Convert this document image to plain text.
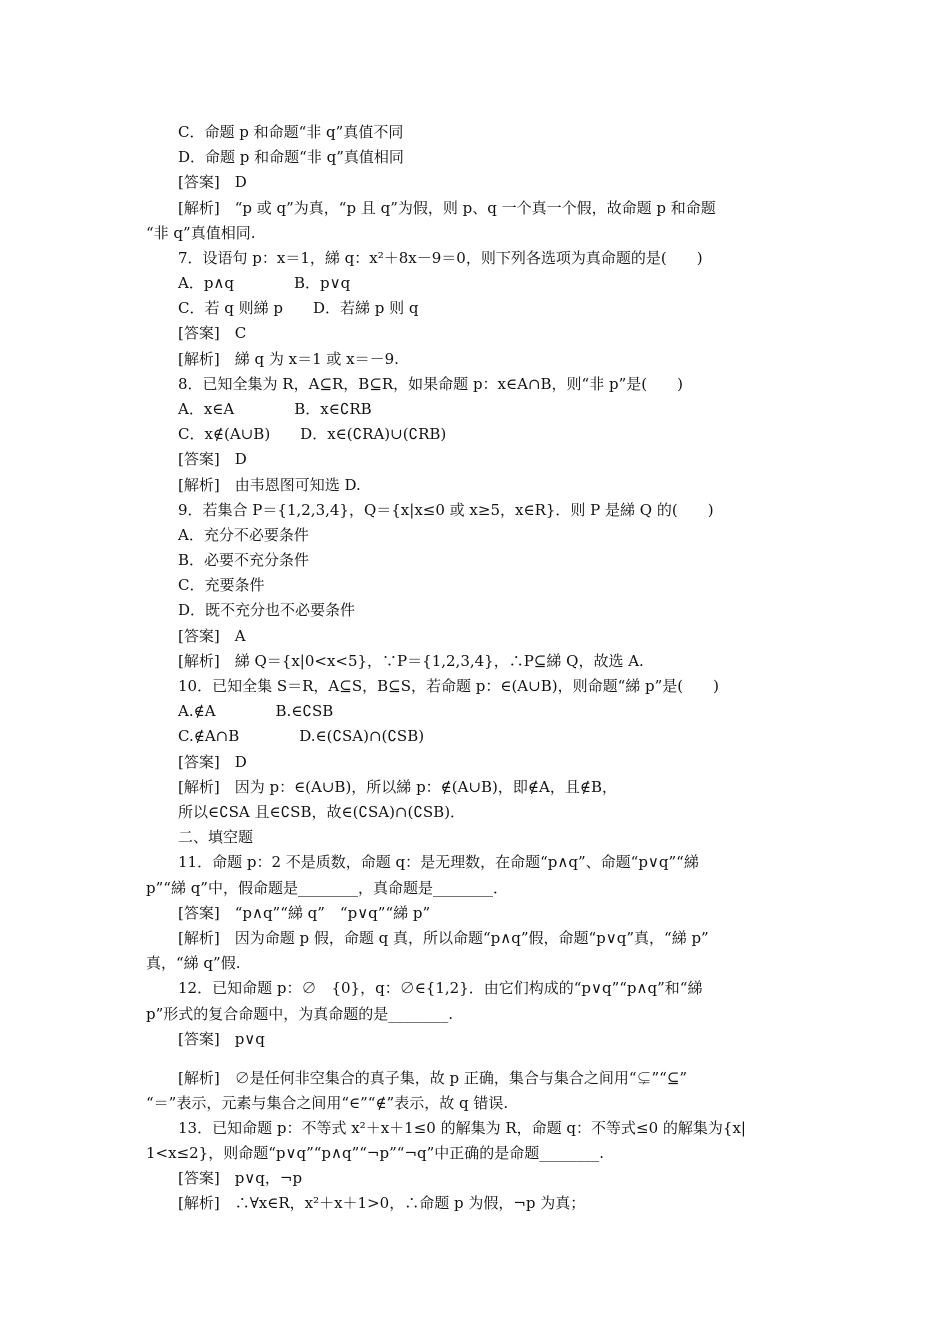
C．命题 p 和命题“非 q”真值不同
D．命题 p 和命题“非 q”真值相同
[答案]　D
[解析]　“p 或 q”为真，“p 且 q”为假，则 p、q 一个真一个假，故命题 p 和命题
“非 q”真值相同.
7．设语句 p：x＝1，綈 q：x²＋8x－9＝0，则下列各选项为真命题的是(　　)
A．p∧q　　　　B．p∨q
C．若 q 则綈 p　　D．若綈 p 则 q
[答案]　C
[解析]　綈 q 为 x＝1 或 x＝－9.
8．已知全集为 R，A⊆R，B⊆R，如果命题 p：x∈A∩B，则“非 p”是(　　)
A．x∈A　　　　B．x∈∁RB
C．x∉(A∪B)　　D．x∈(∁RA)∪(∁RB)
[答案]　D
[解析]　由韦恩图可知选 D.
9．若集合 P＝{1,2,3,4}，Q＝{x|x≤0 或 x≥5，x∈R}．则 P 是綈 Q 的(　　)
A．充分不必要条件
B．必要不充分条件
C．充要条件
D．既不充分也不必要条件
[答案]　A
[解析]　綈 Q＝{x|0<x<5}，∵P＝{1,2,3,4}，∴P⊆綈 Q，故选 A.
10．已知全集 S＝R，A⊆S，B⊆S，若命题 p：∈(A∪B)，则命题“綈 p”是(　　)
A.∉A　　　　B.∈∁SB
C.∉A∩B　　　　D.∈(∁SA)∩(∁SB)
[答案]　D
[解析]　因为 p：∈(A∪B)，所以綈 p：∉(A∪B)，即∉A，且∉B，
所以∈∁SA 且∈∁SB，故∈(∁SA)∩(∁SB)．
二、填空题
11．命题 p：2 不是质数，命题 q：是无理数，在命题“p∧q”、命题“p∨q”“綈
p”“綈 q”中，假命题是________，真命题是________．
[答案]　“p∧q”“綈 q”　“p∨q”“綈 p”
[解析]　因为命题 p 假，命题 q 真，所以命题“p∧q”假，命题“p∨q”真，“綈 p”
真，“綈 q”假.
12．已知命题 p：∅　{0}，q：∅∈{1,2}．由它们构成的“p∨q”“p∧q”和“綈
p”形式的复合命题中，为真命题的是________.
[答案]　p∨q
[解析]　∅是任何非空集合的真子集，故 p 正确，集合与集合之间用“⊊”“⊆”
“＝”表示，元素与集合之间用“∈”“∉”表示，故 q 错误.
13．已知命题 p：不等式 x²＋x＋1≤0 的解集为 R，命题 q：不等式≤0 的解集为{x|
1<x≤2}，则命题“p∨q”“p∧q”“¬p”“¬q”中正确的是命题________.
[答案]　p∨q，¬p
[解析]　∴∀x∈R，x²＋x＋1>0，∴命题 p 为假，¬p 为真；
